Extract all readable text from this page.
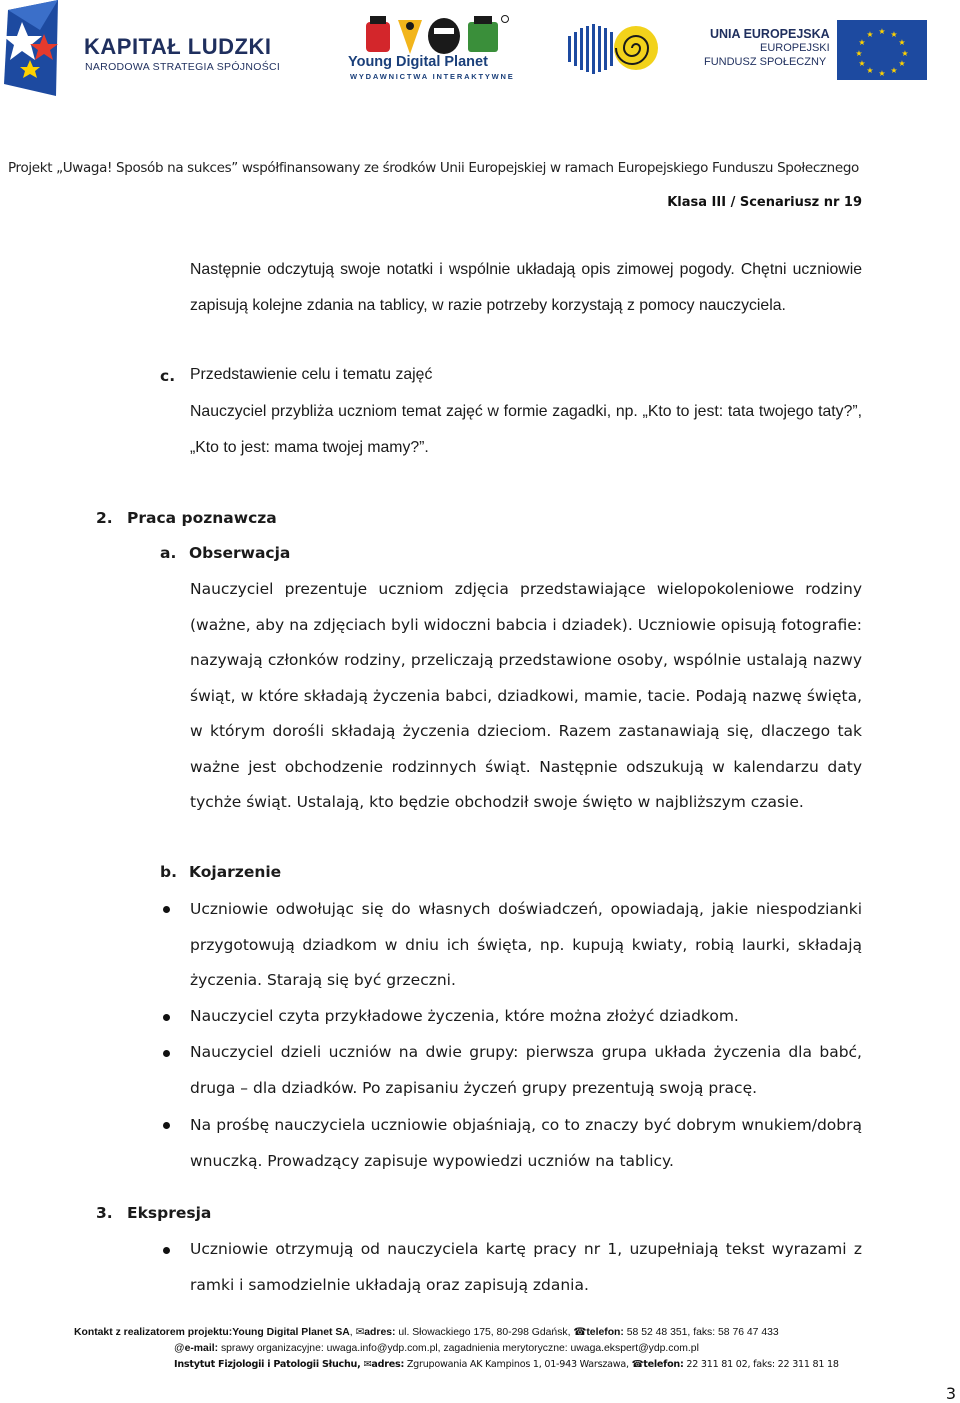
KAPITAŁ LUDZKI
NARODOWA STRATEGIA SPÓJNOŚCI	Young Digital Planet
WYDAWNICTWA INTERAKTYWNE
UNIA EUROPEJSKA
EUROPEJSKI
FUNDUSZ SPOŁECZNY
★ ★
★
★
★
★
★
★
★
★
★
★
Projekt „Uwaga! Sposób na sukces” współfinansowany ze środków Unii Europejskiej w ramach Europejskiego Funduszu Społecznego
Klasa III / Scenariusz nr 19
Następnie odczytują swoje notatki i wspólnie układają opis zimowej pogody. Chętni uczniowie zapisują kolejne zdania na tablicy, w razie potrzeby korzystają z pomocy nauczyciela.
c. Przedstawienie celu i tematu zajęć
Nauczyciel przybliża uczniom temat zajęć w formie zagadki, np. „Kto to jest: tata twojego taty?”, „Kto to jest: mama twojej mamy?”.
2. Praca poznawcza
a. Obserwacja
Nauczyciel prezentuje uczniom zdjęcia przedstawiające wielopokoleniowe rodziny (ważne, aby na zdjęciach byli widoczni babcia i dziadek). Uczniowie opisują fotografie: nazywają członków rodziny, przeliczają przedstawione osoby, wspólnie ustalają nazwy świąt, w które składają życzenia babci, dziadkowi, mamie, tacie. Podają nazwę święta, w którym dorośli składają życzenia dzieciom. Razem zastanawiają się, dlaczego tak ważne jest obchodzenie rodzinnych świąt. Następnie odszukują w kalendarzu daty tychże świąt. Ustalają, kto będzie obchodził swoje święto w najbliższym czasie.
b. Kojarzenie
Uczniowie odwołując się do własnych doświadczeń, opowiadają, jakie niespodzianki przygotowują dziadkom w dniu ich święta, np. kupują kwiaty, robią laurki, składają życzenia. Starają się być grzeczni.
Nauczyciel czyta przykładowe życzenia, które można złożyć dziadkom.
Nauczyciel dzieli uczniów na dwie grupy: pierwsza grupa układa życzenia dla babć, druga – dla dziadków. Po zapisaniu życzeń grupy prezentują swoją pracę.
Na prośbę nauczyciela uczniowie objaśniają, co to znaczy być dobrym wnukiem/dobrą wnuczką. Prowadzący zapisuje wypowiedzi uczniów na tablicy.
3. Ekspresja
Uczniowie otrzymują od nauczyciela kartę pracy nr 1, uzupełniają tekst wyrazami z ramki i samodzielnie układają oraz zapisują zdania.
Kontakt z realizatorem projektu:Young Digital Planet SA, ✉adres: ul. Słowackiego 175, 80-298 Gdańsk, ☎telefon: 58 52 48 351, faks: 58 76 47 433
@e-mail: sprawy organizacyjne: uwaga.info@ydp.com.pl, zagadnienia merytoryczne: uwaga.ekspert@ydp.com.pl
Instytut Fizjologii i Patologii Słuchu, ✉adres: Zgrupowania AK Kampinos 1, 01-943 Warszawa, ☎telefon: 22 311 81 02, faks: 22 311 81 18
3
